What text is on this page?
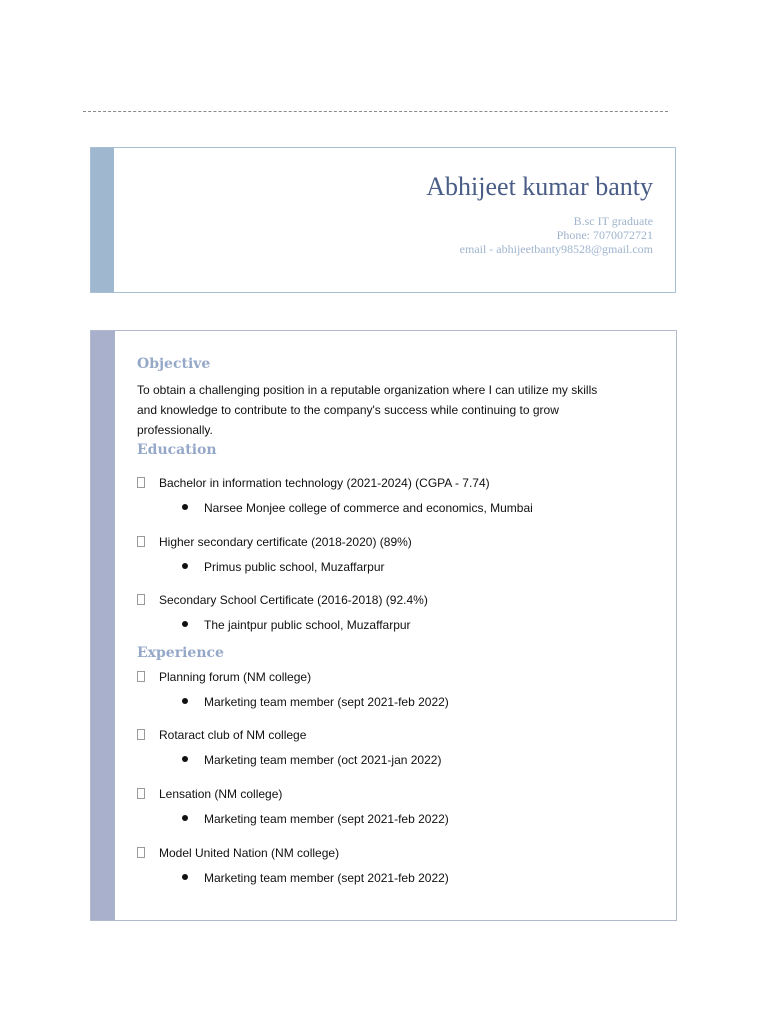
Abhijeet kumar banty
B.sc IT graduate
Phone: 7070072721
email - abhijeetbanty98528@gmail.com
Objective
To obtain a challenging position in a reputable organization where I can utilize my skills and knowledge to contribute to the company's success while continuing to grow professionally.
Education
Bachelor in information technology (2021-2024) (CGPA - 7.74)
Narsee Monjee college of commerce and economics, Mumbai
Higher secondary certificate (2018-2020) (89%)
Primus public school, Muzaffarpur
Secondary School Certificate (2016-2018) (92.4%)
The jaintpur public school, Muzaffarpur
Experience
Planning forum (NM college)
Marketing team member (sept 2021-feb 2022)
Rotaract club of NM college
Marketing team member (oct 2021-jan 2022)
Lensation (NM college)
Marketing team member (sept 2021-feb 2022)
Model United Nation (NM college)
Marketing team member (sept 2021-feb 2022)
